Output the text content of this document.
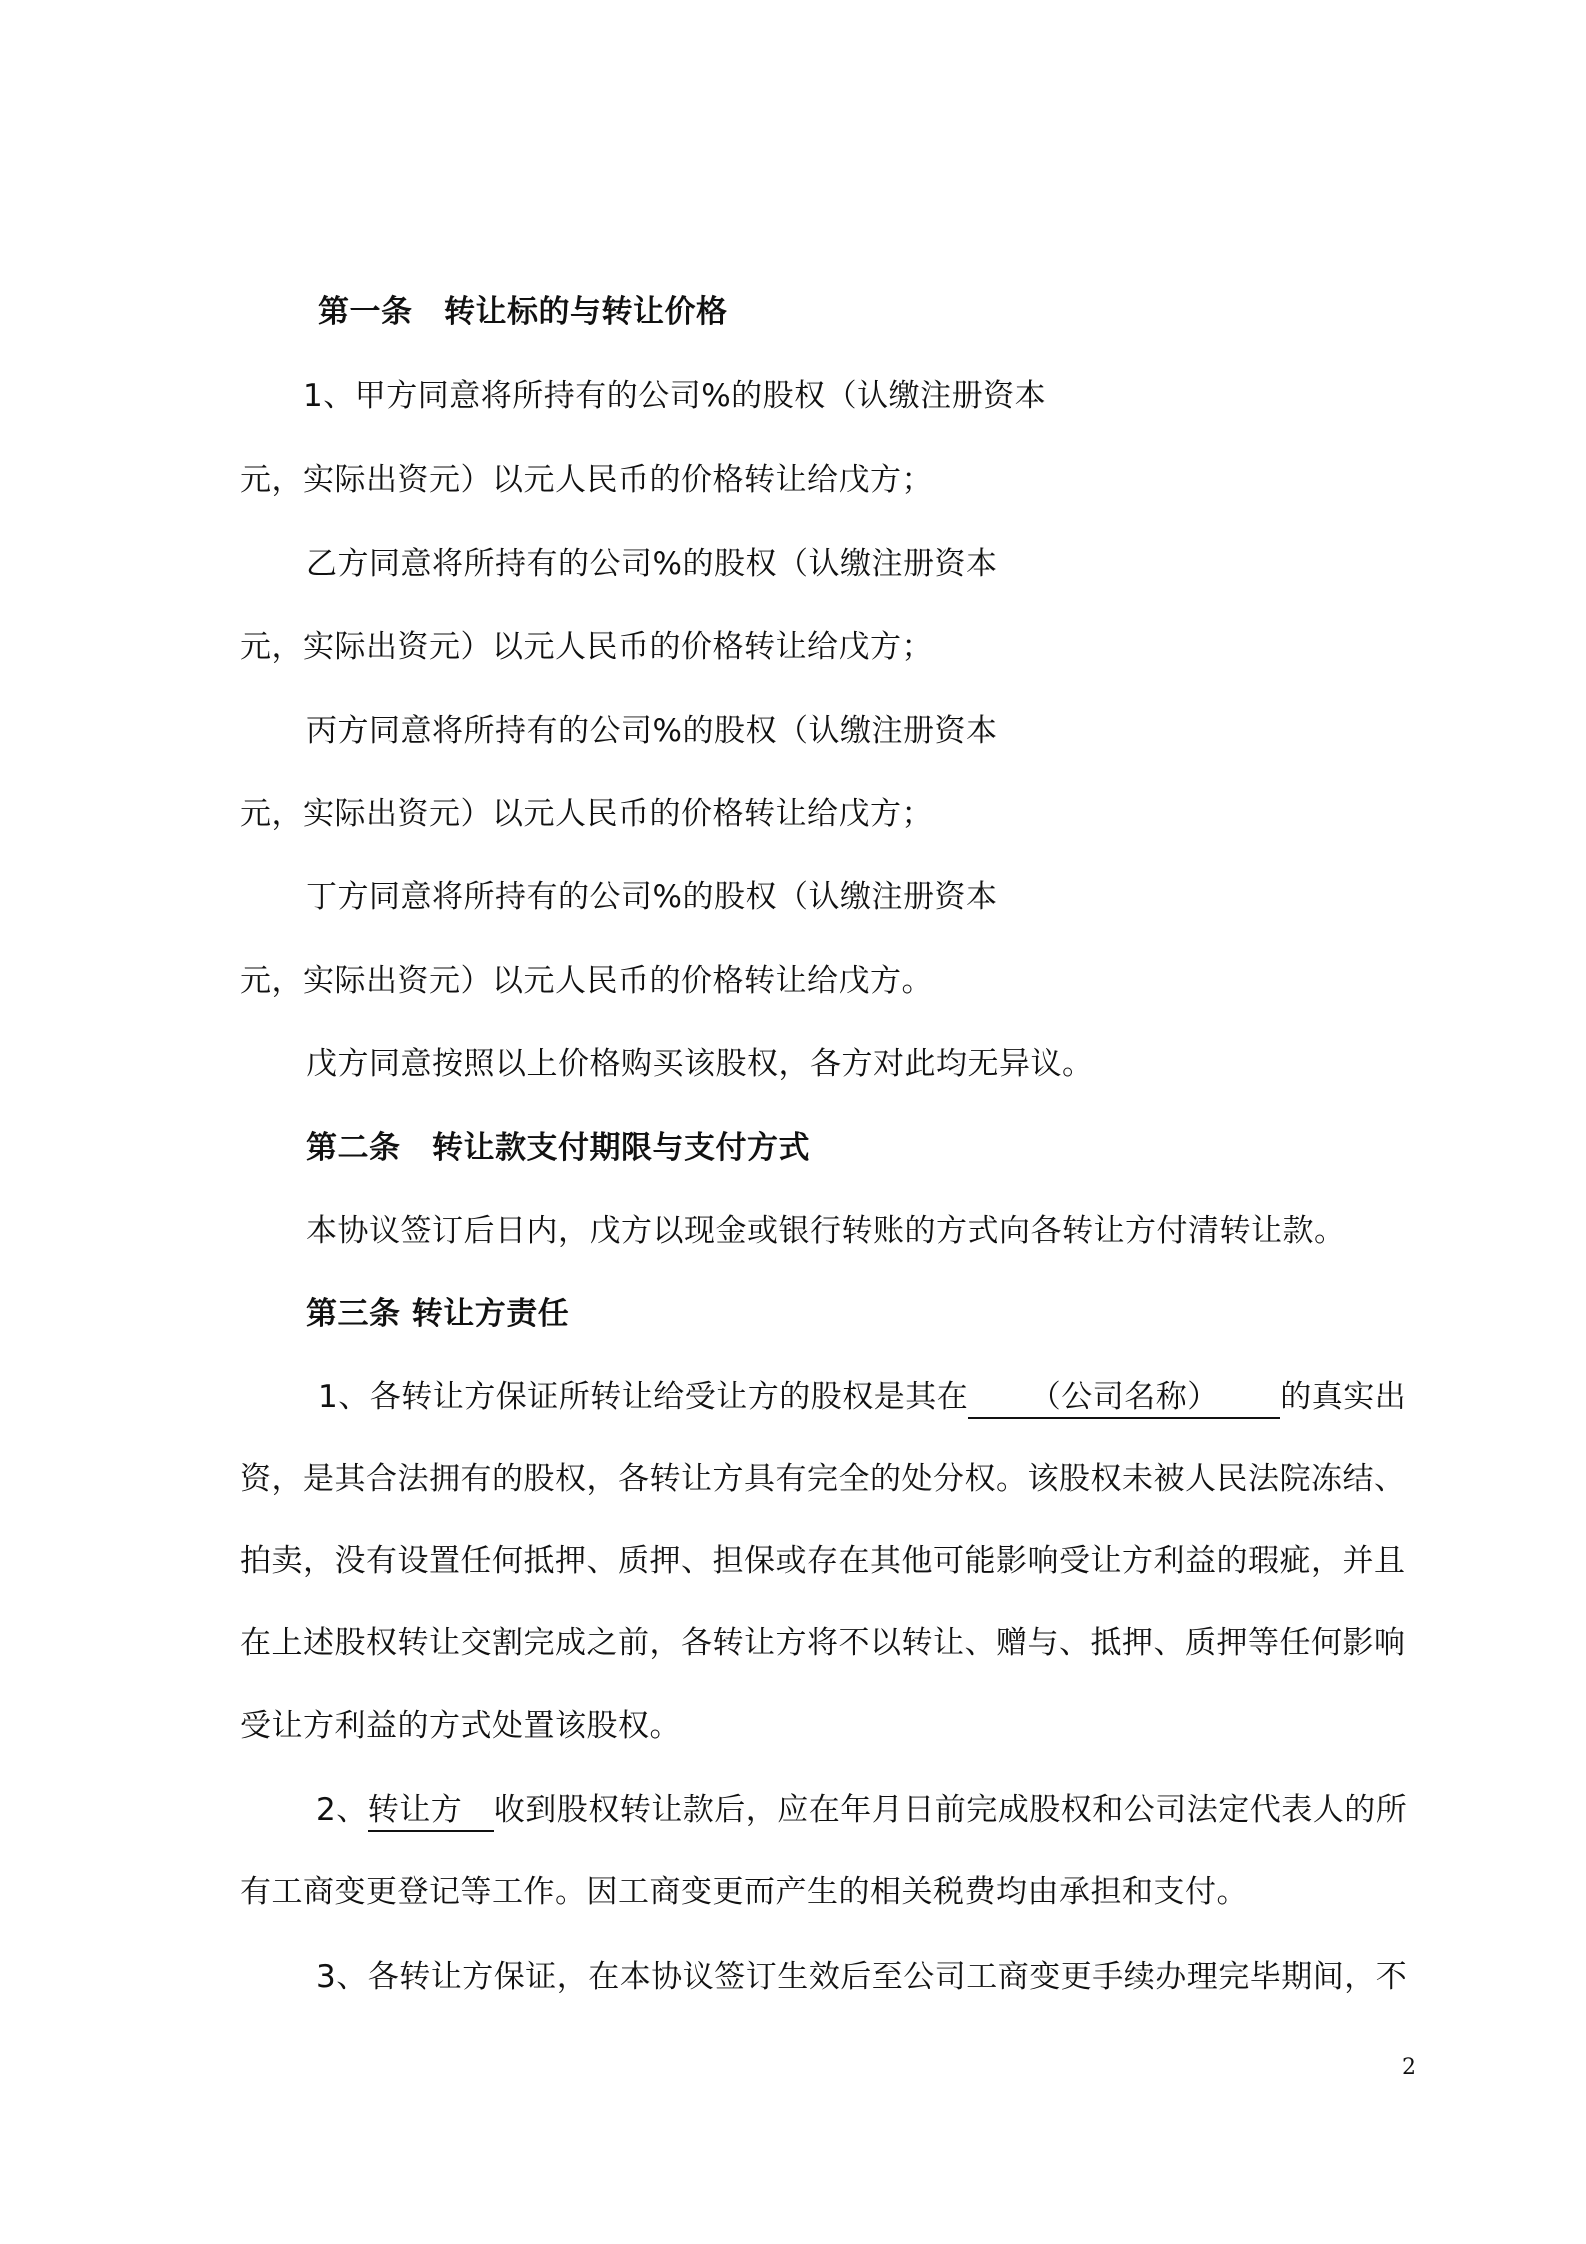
第一条　转让标的与转让价格
1、甲方同意将所持有的公司%的股权（认缴注册资本
元，实际出资元）以元人民币的价格转让给戊方；
乙方同意将所持有的公司%的股权（认缴注册资本
元，实际出资元）以元人民币的价格转让给戊方；
丙方同意将所持有的公司%的股权（认缴注册资本
元，实际出资元）以元人民币的价格转让给戊方；
丁方同意将所持有的公司%的股权（认缴注册资本
元，实际出资元）以元人民币的价格转让给戊方。
戊方同意按照以上价格购买该股权，各方对此均无异议。
第二条　转让款支付期限与支付方式
本协议签订后日内，戊方以现金或银行转账的方式向各转让方付清转让款。
第三条 转让方责任
1、各转让方保证所转让给受让方的股权是其在 （公司名称） 的真实出
资，是其合法拥有的股权，各转让方具有完全的处分权。该股权未被人民法院冻结、
拍卖，没有设置任何抵押、质押、担保或存在其他可能影响受让方利益的瑕疵，并且
在上述股权转让交割完成之前，各转让方将不以转让、赠与、抵押、质押等任何影响
受让方利益的方式处置该股权。
2、转让方 收到股权转让款后，应在年月日前完成股权和公司法定代表人的所
有工商变更登记等工作。因工商变更而产生的相关税费均由承担和支付。
3、各转让方保证，在本协议签订生效后至公司工商变更手续办理完毕期间，不
2
